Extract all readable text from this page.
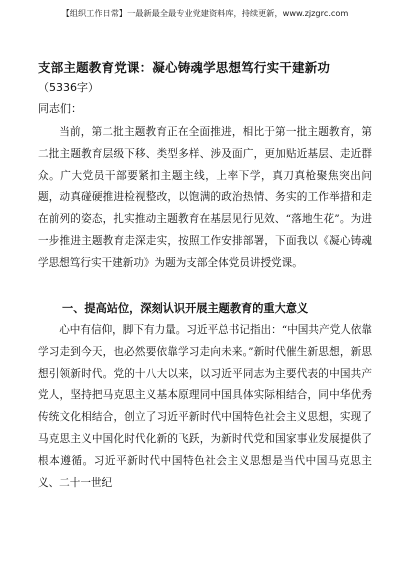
【组织工作日常】一最新最全最专业党建资料库，持续更新，www.zjzgrc.com
支部主题教育党课：凝心铸魂学思想笃行实干建新功
（5336字）
同志们：

当前，第二批主题教育正在全面推进，相比于第一批主题教育，第二批主题教育层级下移、类型多样、涉及面广，更加贴近基层、走近群众。广大党员干部要紧扣主题主线，上率下学，真刀真枪聚焦突出问题，动真碰硬推进检视整改，以饱满的政治热情、务实的工作举措和走在前列的姿态，扎实推动主题教育在基层见行见效、“落地生花”。为进一步推进主题教育走深走实，按照工作安排部署，下面我以《凝心铸魂学思想笃行实干建新功》为题为支部全体党员讲授党课。

一、提高站位，深刻认识开展主题教育的重大意义

心中有信仰，脚下有力量。习近平总书记指出：“中国共产党人依靠学习走到今天，也必然要依靠学习走向未来。”新时代催生新思想，新思想引领新时代。党的十八大以来，以习近平同志为主要代表的中国共产党人，坚持把马克思主义基本原理同中国具体实际相结合，同中华优秀传统文化相结合，创立了习近平新时代中国特色社会主义思想，实现了马克思主义中国化时代化新的飞跃，为新时代党和国家事业发展提供了根本遵循。习近平新时代中国特色社会主义思想是当代中国马克思主义、二十一世纪
